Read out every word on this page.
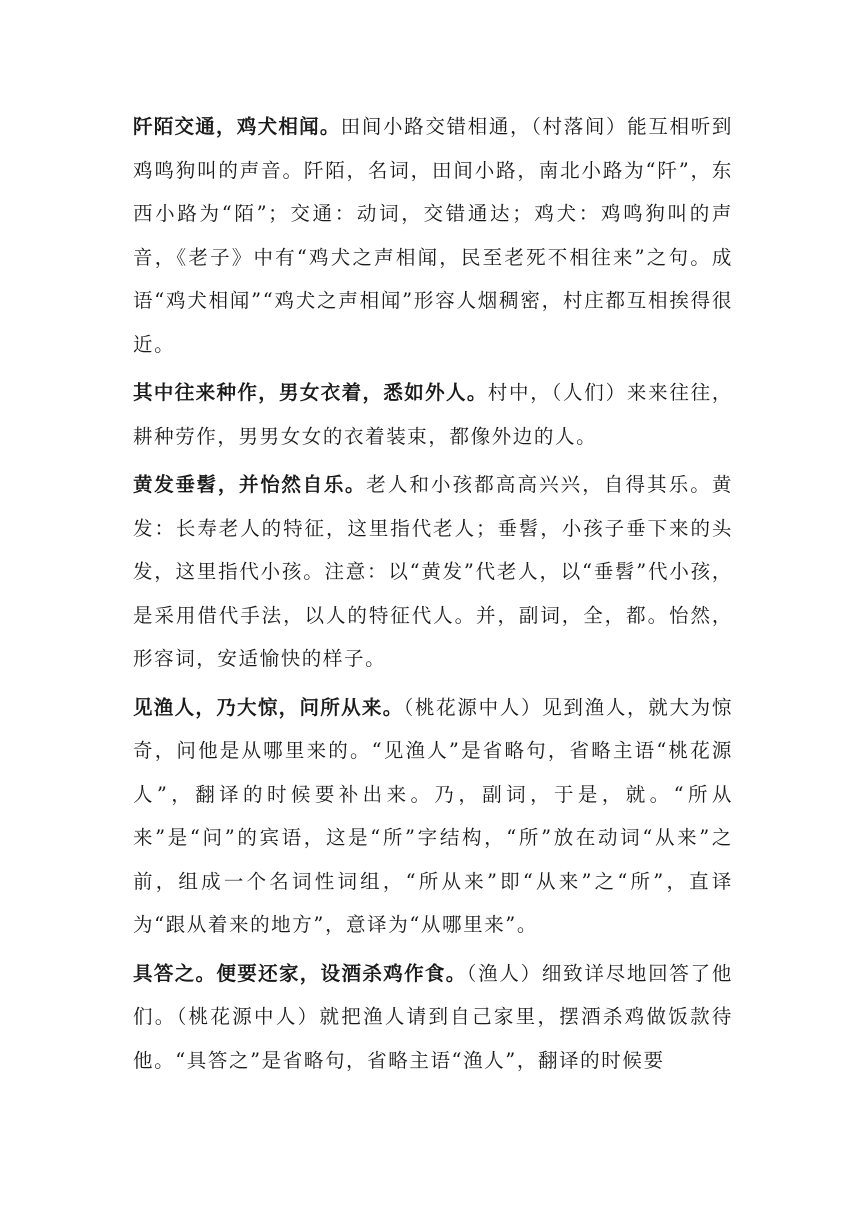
阡陌交通，鸡犬相闻。田间小路交错相通，（村落间）能互相听到鸡鸣狗叫的声音。阡陌，名词，田间小路，南北小路为“阡”，东西小路为“陌”；交通：动词，交错通达；鸡犬：鸡鸣狗叫的声音，《老子》中有“鸡犬之声相闻，民至老死不相往来”之句。成语“鸡犬相闻”“鸡犬之声相闻”形容人烟稠密，村庄都互相挨得很近。

其中往来种作，男女衣着，悉如外人。村中，（人们）来来往往，耕种劳作，男男女女的衣着装束，都像外边的人。

黄发垂髫，并怡然自乐。老人和小孩都高高兴兴，自得其乐。黄发：长寿老人的特征，这里指代老人；垂髫，小孩子垂下来的头发，这里指代小孩。注意：以“黄发”代老人，以“垂髫”代小孩，是采用借代手法，以人的特征代人。并，副词，全，都。怡然，形容词，安适愉快的样子。

见渔人，乃大惊，问所从来。（桃花源中人）见到渔人，就大为惊奇，问他是从哪里来的。“见渔人”是省略句，省略主语“桃花源人”，翻译的时候要补出来。乃，副词，于是，就。“所从来”是“问”的宾语，这是“所”字结构，“所”放在动词“从来”之前，组成一个名词性词组，“所从来”即“从来”之“所”，直译为“跟从着来的地方”，意译为“从哪里来”。

具答之。便要还家，设酒杀鸡作食。（渔人）细致详尽地回答了他们。（桃花源中人）就把渔人请到自己家里，摆酒杀鸡做饭款待他。“具答之”是省略句，省略主语“渔人”，翻译的时候要
